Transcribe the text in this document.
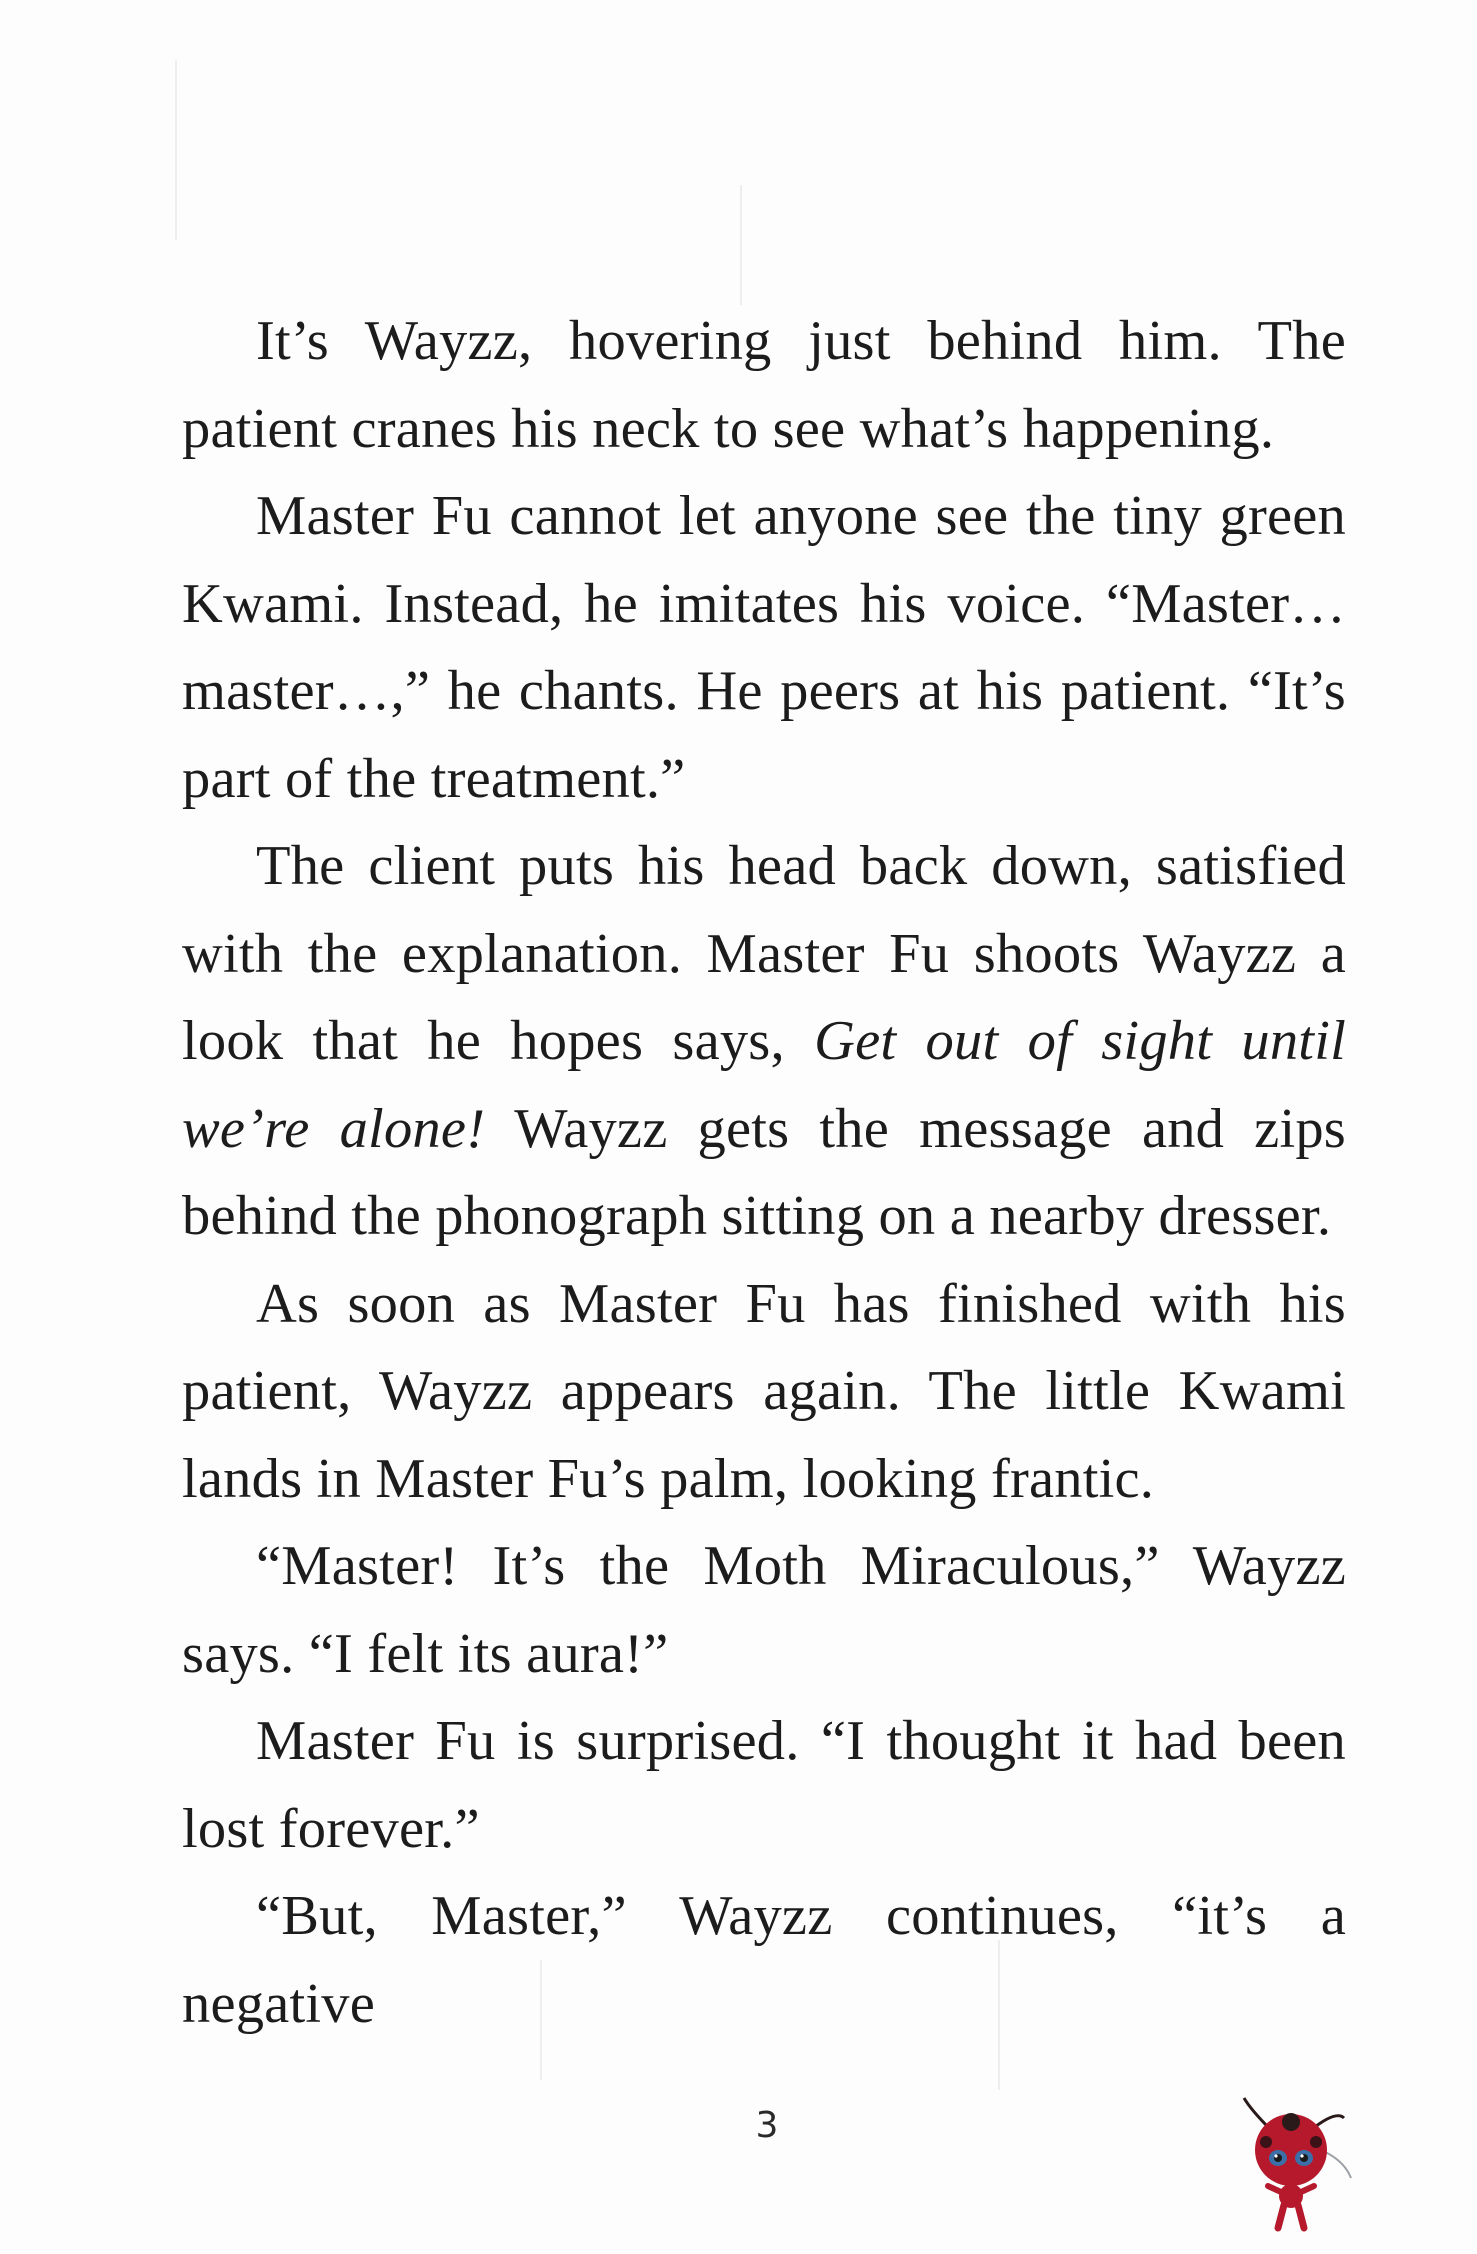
It’s Wayzz, hovering just behind him. The patient cranes his neck to see what’s happening.

Master Fu cannot let anyone see the tiny green Kwami. Instead, he imitates his voice. “Master… master…,” he chants. He peers at his patient. “It’s part of the treatment.”

The client puts his head back down, satisfied with the explanation. Master Fu shoots Wayzz a look that he hopes says, Get out of sight until we’re alone! Wayzz gets the message and zips behind the phonograph sitting on a nearby dresser.

As soon as Master Fu has finished with his patient, Wayzz appears again. The little Kwami lands in Master Fu’s palm, looking frantic.

“Master! It’s the Moth Miraculous,” Wayzz says. “I felt its aura!”

Master Fu is surprised. “I thought it had been lost forever.”

“But, Master,” Wayzz continues, “it’s a negative

3
